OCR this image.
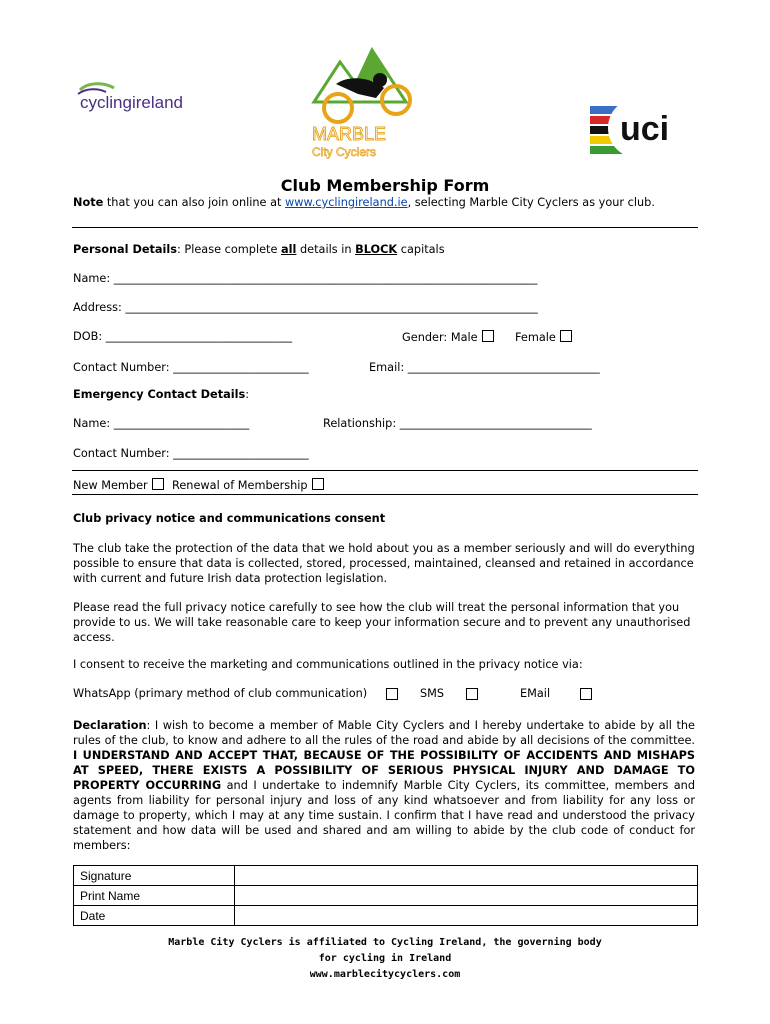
cyclingireland
MARBLE
City Cyclers
uci
Club Membership Form
Note that you can also join online at www.cyclingireland.ie, selecting Marble City Cyclers as your club.
Personal Details: Please complete all details in BLOCK capitals
Name: ___________________________________________________________________________
Address: _________________________________________________________________________
DOB: _________________________________	Gender: Male	Female
Contact Number: ________________________	Email: __________________________________
Emergency Contact Details:
Name: ________________________	Relationship: __________________________________
Contact Number: ________________________
New Member	Renewal of Membership
Club privacy notice and communications consent
The club take the protection of the data that we hold about you as a member seriously and will do everything possible to ensure that data is collected, stored, processed, maintained, cleansed and retained in accordance with current and future Irish data protection legislation.
Please read the full privacy notice carefully to see how the club will treat the personal information that you provide to us. We will take reasonable care to keep your information secure and to prevent any unauthorised access.
I consent to receive the marketing and communications outlined in the privacy notice via:
WhatsApp (primary method of club communication)	SMS	EMail
Declaration: I wish to become a member of Mable City Cyclers and I hereby undertake to abide by all the rules of the club, to know and adhere to all the rules of the road and abide by all decisions of the committee. I UNDERSTAND AND ACCEPT THAT, BECAUSE OF THE POSSIBILITY OF ACCIDENTS AND MISHAPS AT SPEED, THERE EXISTS A POSSIBILITY OF SERIOUS PHYSICAL INJURY AND DAMAGE TO PROPERTY OCCURRING and I undertake to indemnify Marble City Cyclers, its committee, members and agents from liability for personal injury and loss of any kind whatsoever and from liability for any loss or damage to property, which I may at any time sustain. I confirm that I have read and understood the privacy statement and how data will be used and shared and am willing to abide by the club code of conduct for members:
Signature	
Print Name	
Date	
Marble City Cyclers is affiliated to Cycling Ireland, the governing body
for cycling in Ireland
www.marblecitycyclers.com
